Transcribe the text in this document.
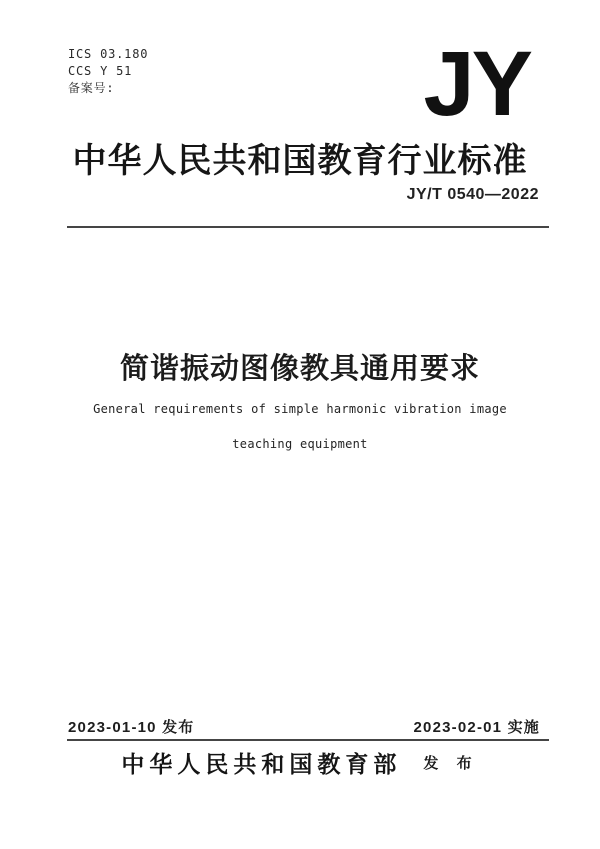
ICS 03.180
CCS Y 51
备案号:	JY
中华人民共和国教育行业标准
JY/T 0540—2022
简谐振动图像教具通用要求
General requirements of simple harmonic vibration image
teaching equipment
2023-01-10 发布	2023-02-01 实施
中华人民共和国教育部 发 布
